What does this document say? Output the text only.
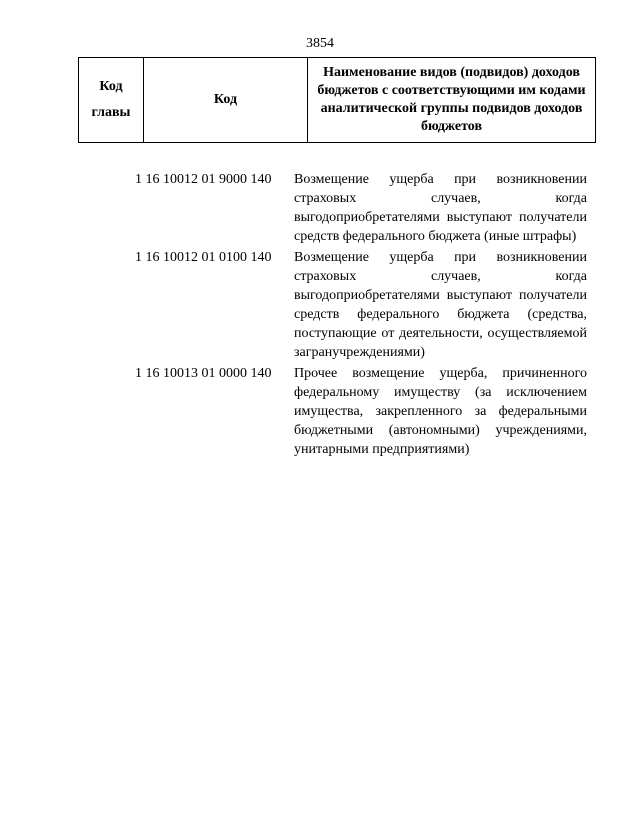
3854
Код
главы
	Код	Наименование видов (подвидов) доходов бюджетов с соответствующими им кодами аналитической группы подвидов доходов бюджетов
1 16 10012 01 9000 140	Возмещение ущерба при возникновении страховых случаев, когда выгодоприобретателями выступают получатели средств федерального бюджета (иные штрафы)
1 16 10012 01 0100 140	Возмещение ущерба при возникновении страховых случаев, когда выгодоприобретателями выступают получатели средств федерального бюджета (средства, поступающие от деятельности, осуществляемой загранучреждениями)
1 16 10013 01 0000 140	Прочее возмещение ущерба, причиненного федеральному имуществу (за исключением имущества, закрепленного за федеральными бюджетными (автономными) учреждениями, унитарными предприятиями)
